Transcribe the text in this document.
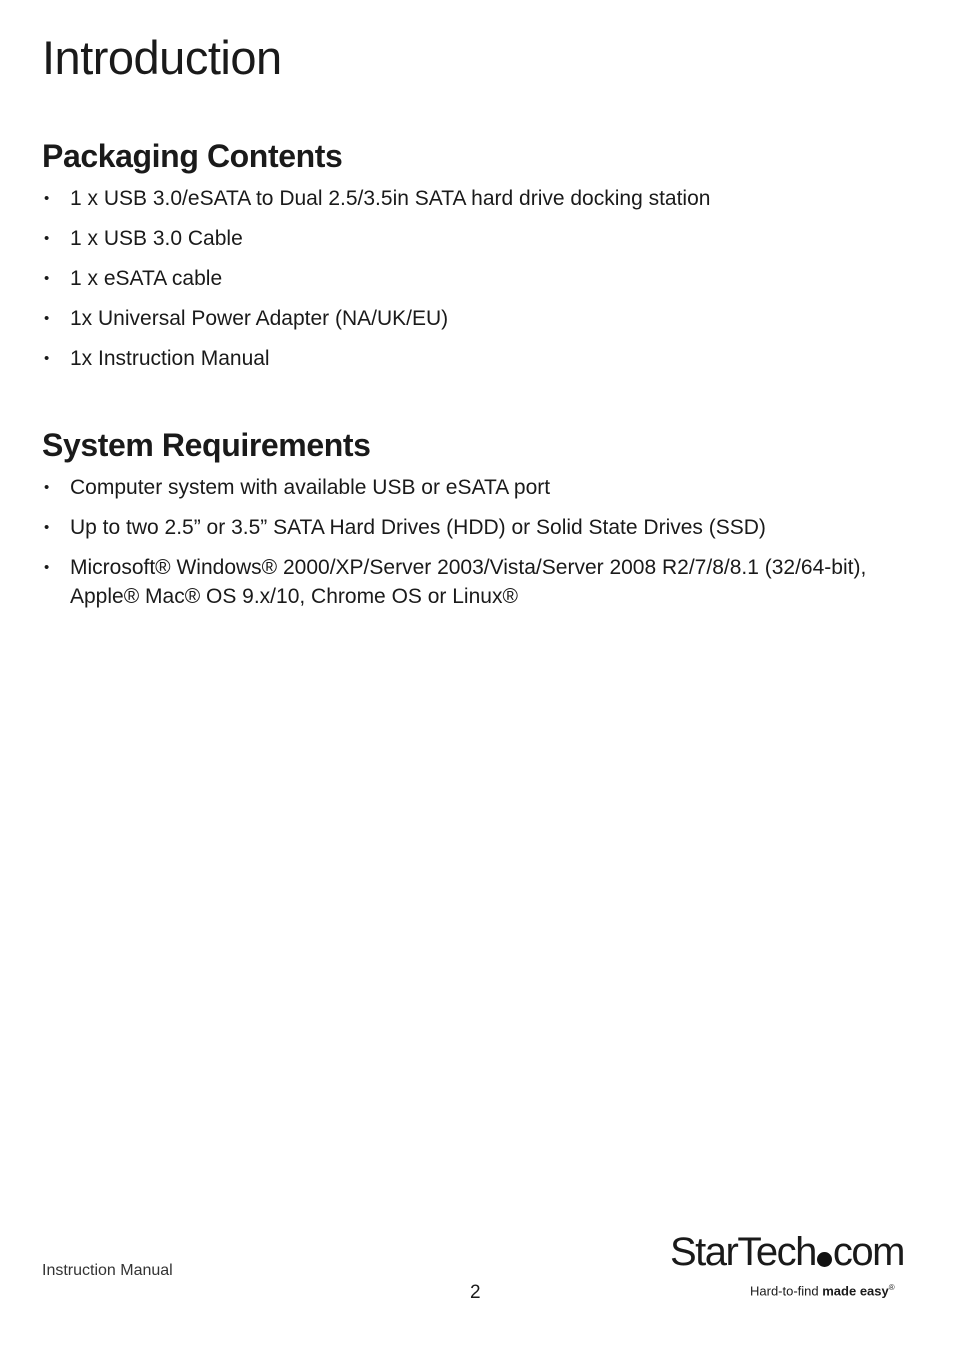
Introduction
Packaging Contents
• 1 x USB 3.0/eSATA to Dual 2.5/3.5in SATA hard drive docking station
• 1 x USB 3.0 Cable
• 1 x eSATA cable
• 1x Universal Power Adapter (NA/UK/EU)
• 1x Instruction Manual
System Requirements
• Computer system with available USB or eSATA port
• Up to two 2.5” or 3.5” SATA Hard Drives (HDD) or Solid State Drives (SSD)
• Microsoft® Windows® 2000/XP/Server 2003/Vista/Server 2008 R2/7/8/8.1 (32/64-bit), Apple® Mac® OS 9.x/10, Chrome OS or Linux®
Instruction Manual
2
StarTech com
Hard-to-find made easy®
